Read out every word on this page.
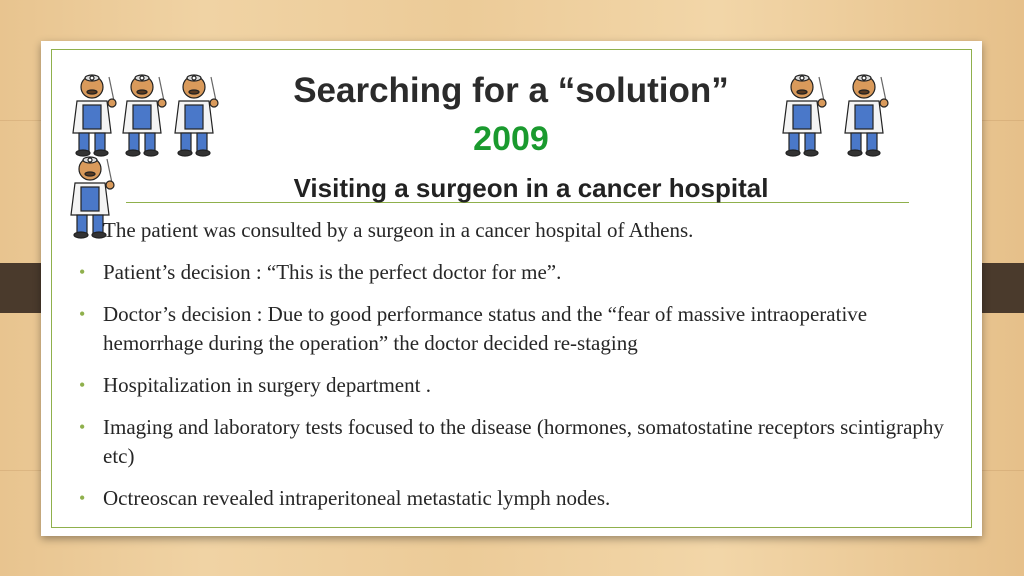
Searching for a “solution”
2009
Visiting a surgeon in a cancer hospital
The patient was consulted by a surgeon in a cancer hospital of Athens.
• Patient’s decision : “This is the perfect doctor for me”.
• Doctor’s decision : Due to good performance status and the “fear of massive intraoperative hemorrhage during the operation” the doctor decided re-staging
• Hospitalization in surgery department .
• Imaging and laboratory tests focused to the disease (hormones, somatostatine receptors scintigraphy etc)
• Octreoscan revealed intraperitoneal metastatic lymph nodes.
